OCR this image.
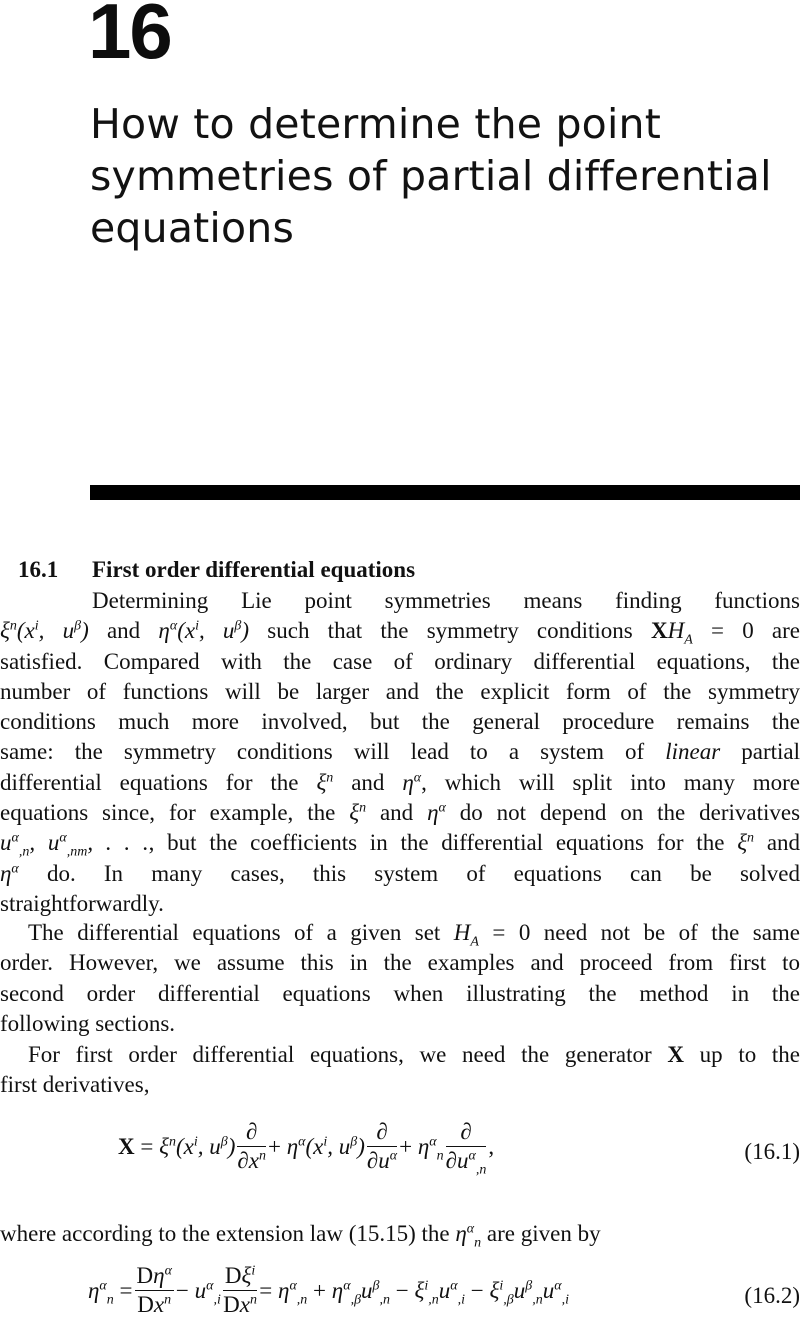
16
How to determine the point
symmetries of partial differential
equations
16.1 First order differential equations
Determining Lie point symmetries means finding functions
$\xi^n(x^i$, $u^\beta$) and $\eta^\alpha(x^i$, $u^\beta$) such that the symmetry conditions $XH_A = 0$ are
satisfied. Compared with the case of ordinary differential equations, the
number of functions will be larger and the explicit form of the symmetry
conditions much more involved, but the general procedure remains the
same: the symmetry conditions will lead to a system of linear partial
differential equations for the $\xi^n$ and $\eta^\alpha$, which will split into many more
equations since, for example, the $\xi^n$ and $\eta^\alpha$ do not depend on the derivatives
$u^\alpha_{,n}$, $u^\alpha_{,nm}$, . . ., but the coefficients in the differential equations for the $\xi^n$ and
$\eta^\alpha$ do. In many cases, this system of equations can be solved
straightforwardly.
The differential equations of a given set $H_A = 0$ need not be of the same
order. However, we assume this in the examples and proceed from first to
second order differential equations when illustrating the method in the
following sections.
For first order differential equations, we need the generator X up to the
first derivatives,
$X = \xi^n(x^i$, $u^\beta) \frac{\partial}{\partial x^n} + \eta^\alpha(x^i$, $u^\beta) \frac{\partial}{\partial u^\alpha} + \eta^\alpha_n \frac{\partial}{\partial u^\alpha_{,n}}$ ,	(16.1)
where according to the extension law (15.15) the $\eta^\alpha_n$ are given by
$\eta^\alpha_n = \frac{D\eta^\alpha}{Dx^n} - u^\alpha_{,i} \frac{D\xi^i}{Dx^n} = \eta^\alpha_{,n} + \eta^\alpha_{,\beta}u^\beta_{,n} - \xi^i_{,n}u^\alpha_{,i} - \xi^i_{,\beta}u^\beta_{,n}u^\alpha_{,i}$	(16.2)
